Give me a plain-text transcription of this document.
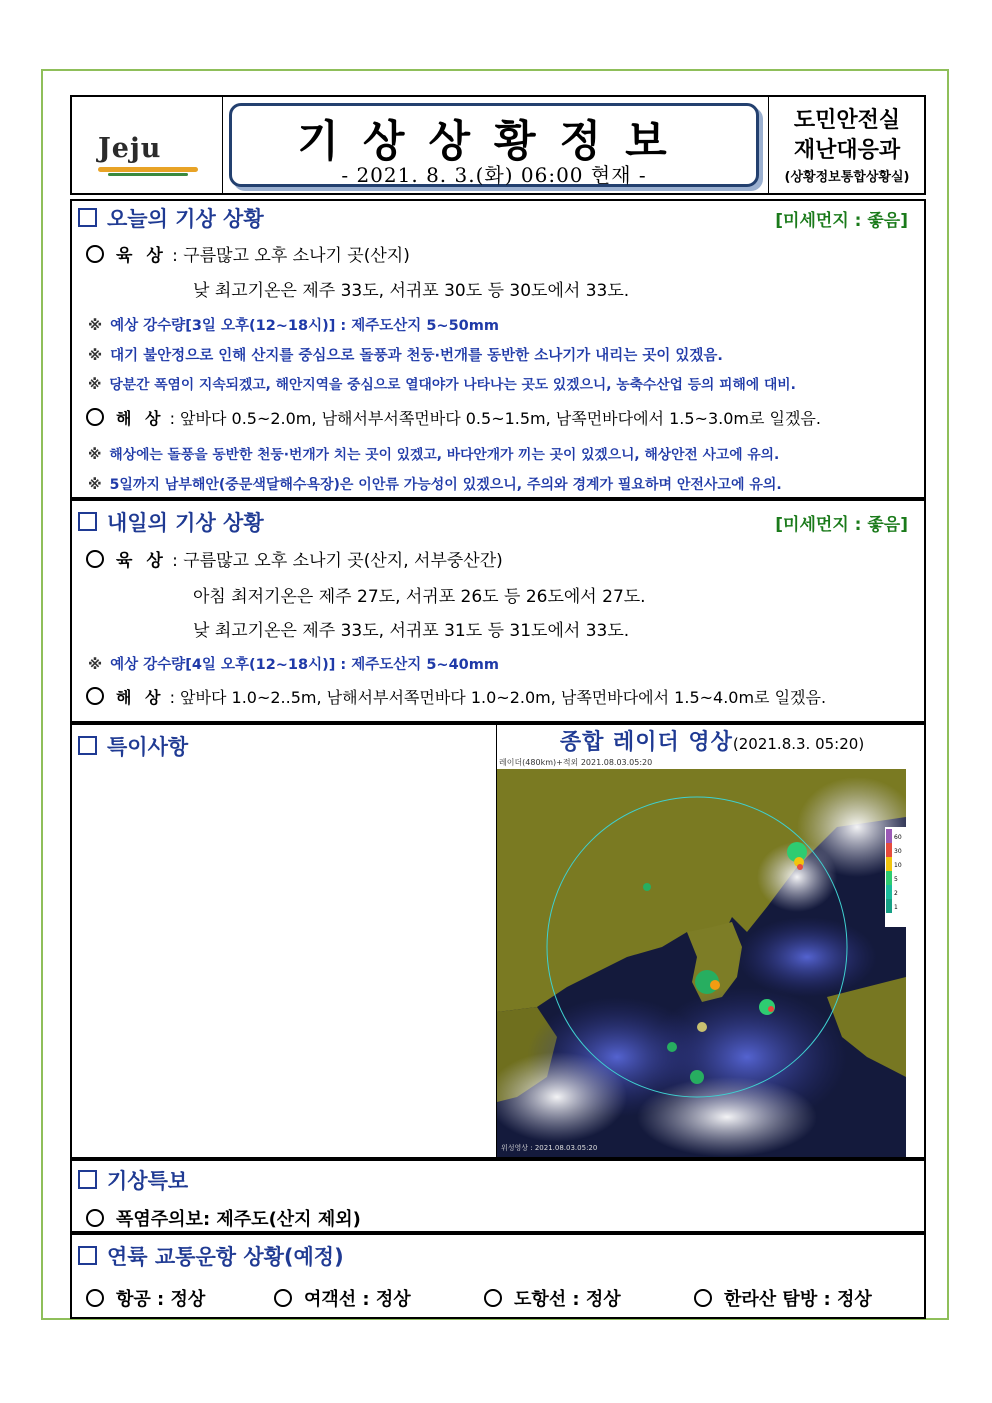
Jeju	기상상황정보
- 2021. 8. 3.(화) 06:00 현재 -
도민안전실
재난대응과
(상황정보통합상황실)
오늘의 기상 상황	[미세먼지 : 좋음]
육 상 : 구름많고 오후 소나기 곳(산지)
낮 최고기온은 제주 33도, 서귀포 30도 등 30도에서 33도.
※ 예상 강수량[3일 오후(12~18시)] : 제주도산지 5~50mm
※ 대기 불안정으로 인해 산지를 중심으로 돌풍과 천둥·번개를 동반한 소나기가 내리는 곳이 있겠음.
※ 당분간 폭염이 지속되겠고, 해안지역을 중심으로 열대야가 나타나는 곳도 있겠으니, 농축수산업 등의 피해에 대비.
해 상 : 앞바다 0.5~2.0m, 남해서부서쪽먼바다 0.5~1.5m, 남쪽먼바다에서 1.5~3.0m로 일겠음.
※ 해상에는 돌풍을 동반한 천둥·번개가 치는 곳이 있겠고, 바다안개가 끼는 곳이 있겠으니, 해상안전 사고에 유의.
※ 5일까지 남부해안(중문색달해수욕장)은 이안류 가능성이 있겠으니, 주의와 경계가 필요하며 안전사고에 유의.
내일의 기상 상황	[미세먼지 : 좋음]
육 상 : 구름많고 오후 소나기 곳(산지, 서부중산간)
아침 최저기온은 제주 27도, 서귀포 26도 등 26도에서 27도.
낮 최고기온은 제주 33도, 서귀포 31도 등 31도에서 33도.
※ 예상 강수량[4일 오후(12~18시)] : 제주도산지 5~40mm
해 상 : 앞바다 1.0~2..5m, 남해서부서쪽먼바다 1.0~2.0m, 남쪽먼바다에서 1.5~4.0m로 일겠음.
특이사항	종합 레이더 영상(2021.8.3. 05:20)
레이더(480km)+적외 2021.08.03.05:20
60
30
10
5
2
1
위성영상 : 2021.08.03.05:20
기상특보
폭염주의보: 제주도(산지 제외)
연륙 교통운항 상황(예정)
항공 : 정상	여객선 : 정상	도항선 : 정상	한라산 탐방 : 정상
